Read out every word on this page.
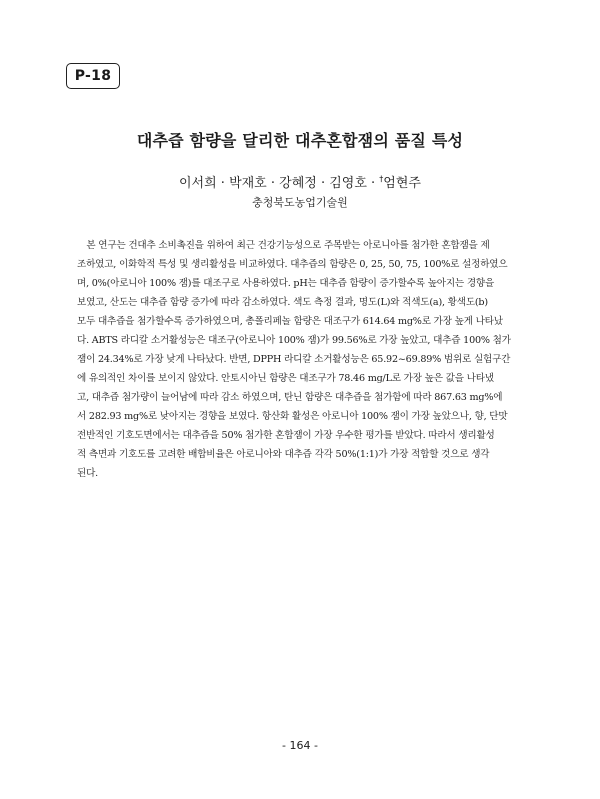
P-18
대추즙 함량을 달리한 대추혼합잼의 품질 특성
이서희 · 박재호 · 강혜정 · 김영호 · †엄현주
충청북도농업기술원
　본 연구는 건대추 소비촉진을 위하여 최근 건강기능성으로 주목받는 아로니아를 첨가한 혼합잼을 제
조하였고, 이화학적 특성 및 생리활성을 비교하였다. 대추즙의 함량은 0, 25, 50, 75, 100%로 설정하였으
며, 0%(아로니아 100% 잼)를 대조구로 사용하였다. pH는 대추즙 함량이 증가할수록 높아지는 경향을
보였고, 산도는 대추즙 함량 증가에 따라 감소하였다. 색도 측정 결과, 명도(L)와 적색도(a), 황색도(b)
모두 대추즙을 첨가할수록 증가하였으며, 총폴리페놀 함량은 대조구가 614.64 mg%로 가장 높게 나타났
다. ABTS 라디칼 소거활성능은 대조구(아로니아 100% 잼)가 99.56%로 가장 높았고, 대추즙 100% 첨가
잼이 24.34%로 가장 낮게 나타났다. 반면, DPPH 라디칼 소거활성능은 65.92~69.89% 범위로 실험구간
에 유의적인 차이를 보이지 않았다. 안토시아닌 함량은 대조구가 78.46 mg/L로 가장 높은 값을 나타냈
고, 대추즙 첨가량이 늘어남에 따라 감소 하였으며, 탄닌 함량은 대추즙을 첨가함에 따라 867.63 mg%에
서 282.93 mg%로 낮아지는 경향을 보였다. 항산화 활성은 아로니아 100% 잼이 가장 높았으나, 향, 단맛
전반적인 기호도면에서는 대추즙을 50% 첨가한 혼합잼이 가장 우수한 평가를 받았다. 따라서 생리활성
적 측면과 기호도를 고려한 배합비율은 아로니아와 대추즙 각각 50%(1:1)가 가장 적합할 것으로 생각
된다.
- 164 -
